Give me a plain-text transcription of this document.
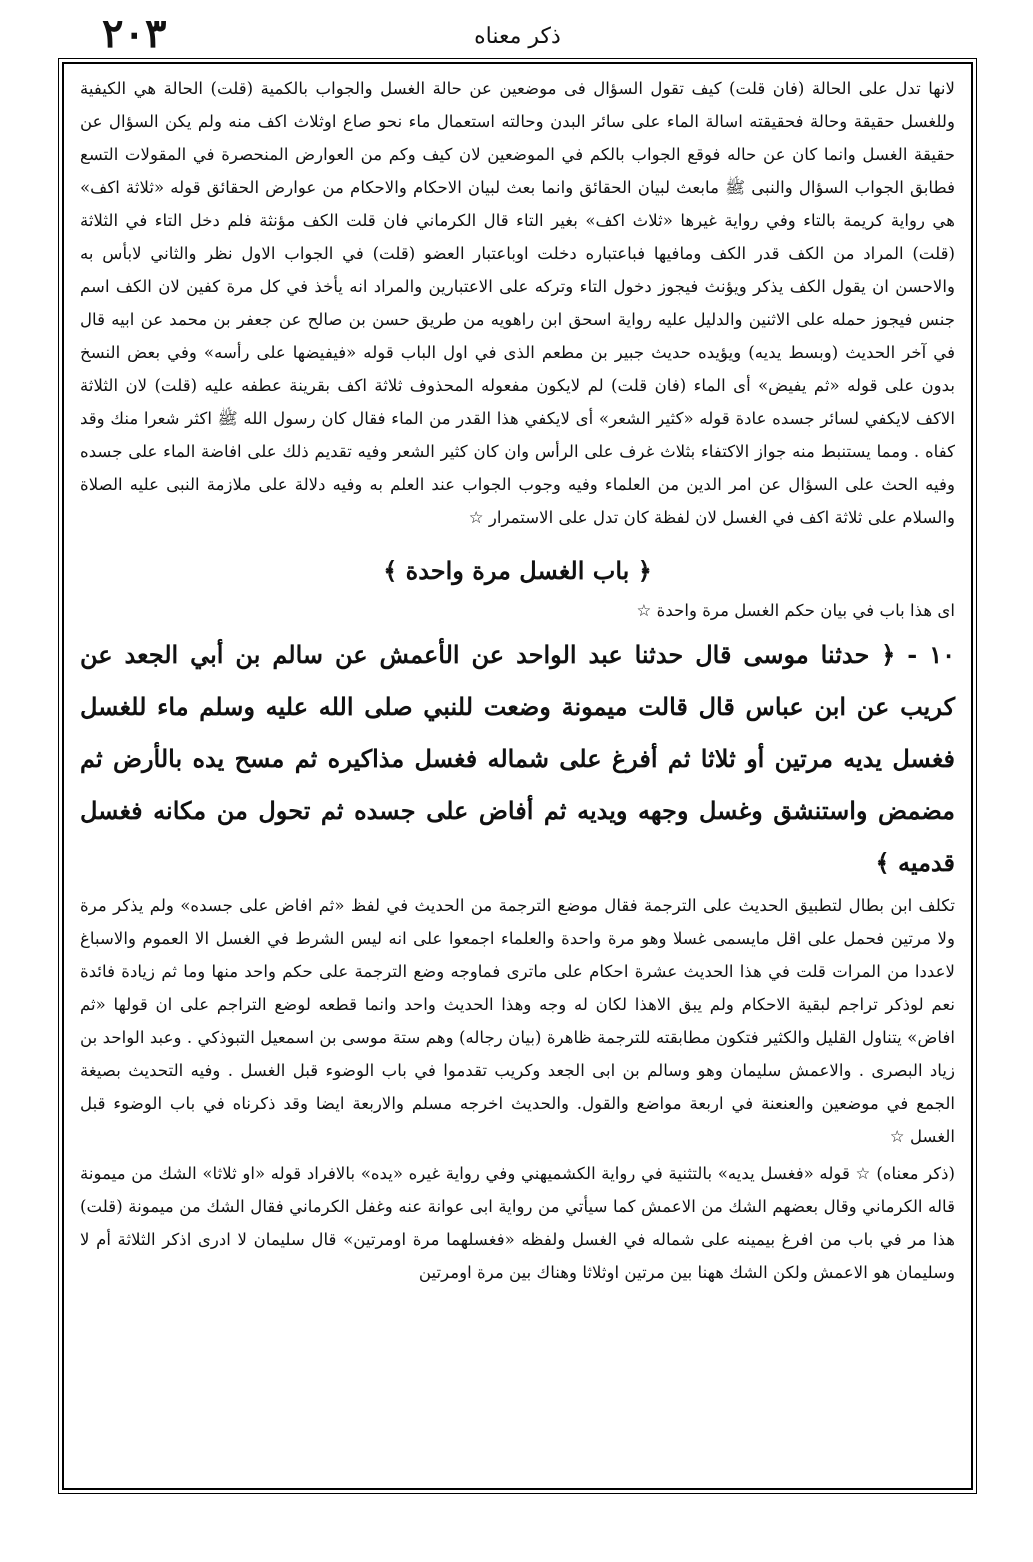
٢٠٣	ذكر معناه

لانها تدل على الحالة (فان قلت) كيف تقول السؤال فى موضعين عن حالة الغسل والجواب بالكمية (قلت) الحالة هي الكيفية وللغسل حقيقة وحالة فحقيقته اسالة الماء على سائر البدن وحالته استعمال ماء نحو صاع اوثلاث اكف منه ولم يكن السؤال عن حقيقة الغسل وانما كان عن حاله فوقع الجواب بالكم في الموضعين لان كيف وكم من العوارض المنحصرة في المقولات التسع فطابق الجواب السؤال والنبى ﷺ مابعث لبيان الحقائق وانما بعث لبيان الاحكام والاحكام من عوارض الحقائق قوله «ثلاثة اكف» هي رواية كريمة بالتاء وفي رواية غيرها «ثلاث اكف» بغير التاء قال الكرماني فان قلت الكف مؤنثة فلم دخل التاء في الثلاثة (قلت) المراد من الكف قدر الكف ومافيها فباعتباره دخلت اوباعتبار العضو (قلت) في الجواب الاول نظر والثاني لابأس به والاحسن ان يقول الكف يذكر ويؤنث فيجوز دخول التاء وتركه على الاعتبارين والمراد انه يأخذ في كل مرة كفين لان الكف اسم جنس فيجوز حمله على الاثنين والدليل عليه رواية اسحق ابن راهويه من طريق حسن بن صالح عن جعفر بن محمد عن ابيه قال في آخر الحديث (وبسط يديه) ويؤيده حديث جبير بن مطعم الذى في اول الباب قوله «فيفيضها على رأسه» وفي بعض النسخ بدون على قوله «ثم يفيض» أى الماء (فان قلت) لم لايكون مفعوله المحذوف ثلاثة اكف بقرينة عطفه عليه (قلت) لان الثلاثة الاكف لايكفي لسائر جسده عادة قوله «كثير الشعر» أى لايكفي هذا القدر من الماء فقال كان رسول الله ﷺ اكثر شعرا منك وقد كفاه . ومما يستنبط منه جواز الاكتفاء بثلاث غرف على الرأس وان كان كثير الشعر وفيه تقديم ذلك على افاضة الماء على جسده وفيه الحث على السؤال عن امر الدين من العلماء وفيه وجوب الجواب عند العلم به وفيه دلالة على ملازمة النبى عليه الصلاة والسلام على ثلاثة اكف في الغسل لان لفظة كان تدل على الاستمرار ☆

﴿ باب الغسل مرة واحدة ﴾

اى هذا باب في بيان حكم الغسل مرة واحدة ☆

١٠ - ﴿ حدثنا موسى قال حدثنا عبد الواحد عن الأعمش عن سالم بن أبي الجعد عن كريب عن ابن عباس قال قالت ميمونة وضعت للنبي صلى الله عليه وسلم ماء للغسل فغسل يديه مرتين أو ثلاثا ثم أفرغ على شماله فغسل مذاكيره ثم مسح يده بالأرض ثم مضمض واستنشق وغسل وجهه ويديه ثم أفاض على جسده ثم تحول من مكانه فغسل قدميه ﴾

تكلف ابن بطال لتطبيق الحديث على الترجمة فقال موضع الترجمة من الحديث في لفظ «ثم افاض على جسده» ولم يذكر مرة ولا مرتين فحمل على اقل مايسمى غسلا وهو مرة واحدة والعلماء اجمعوا على انه ليس الشرط في الغسل الا العموم والاسباغ لاعددا من المرات قلت في هذا الحديث عشرة احكام على ماترى فماوجه وضع الترجمة على حكم واحد منها وما ثم زيادة فائدة نعم لوذكر تراجم لبقية الاحكام ولم يبق الاهذا لكان له وجه وهذا الحديث واحد وانما قطعه لوضع التراجم على ان قولها «ثم افاض» يتناول القليل والكثير فتكون مطابقته للترجمة ظاهرة (بيان رجاله) وهم ستة موسى بن اسمعيل التبوذكي . وعبد الواحد بن زياد البصرى . والاعمش سليمان وهو وسالم بن ابى الجعد وكريب تقدموا في باب الوضوء قبل الغسل . وفيه التحديث بصيغة الجمع في موضعين والعنعنة في اربعة مواضع والقول. والحديث اخرجه مسلم والاربعة ايضا وقد ذكرناه في باب الوضوء قبل الغسل ☆

(ذكر معناه) ☆ قوله «فغسل يديه» بالتثنية في رواية الكشميهني وفي رواية غيره «يده» بالافراد قوله «او ثلاثا» الشك من ميمونة قاله الكرماني وقال بعضهم الشك من الاعمش كما سيأتي من رواية ابى عوانة عنه وغفل الكرماني فقال الشك من ميمونة (قلت) هذا مر في باب من افرغ بيمينه على شماله في الغسل ولفظه «فغسلهما مرة اومرتين» قال سليمان لا ادرى اذكر الثلاثة أم لا وسليمان هو الاعمش ولكن الشك ههنا بين مرتين اوثلاثا وهناك بين مرة اومرتين
